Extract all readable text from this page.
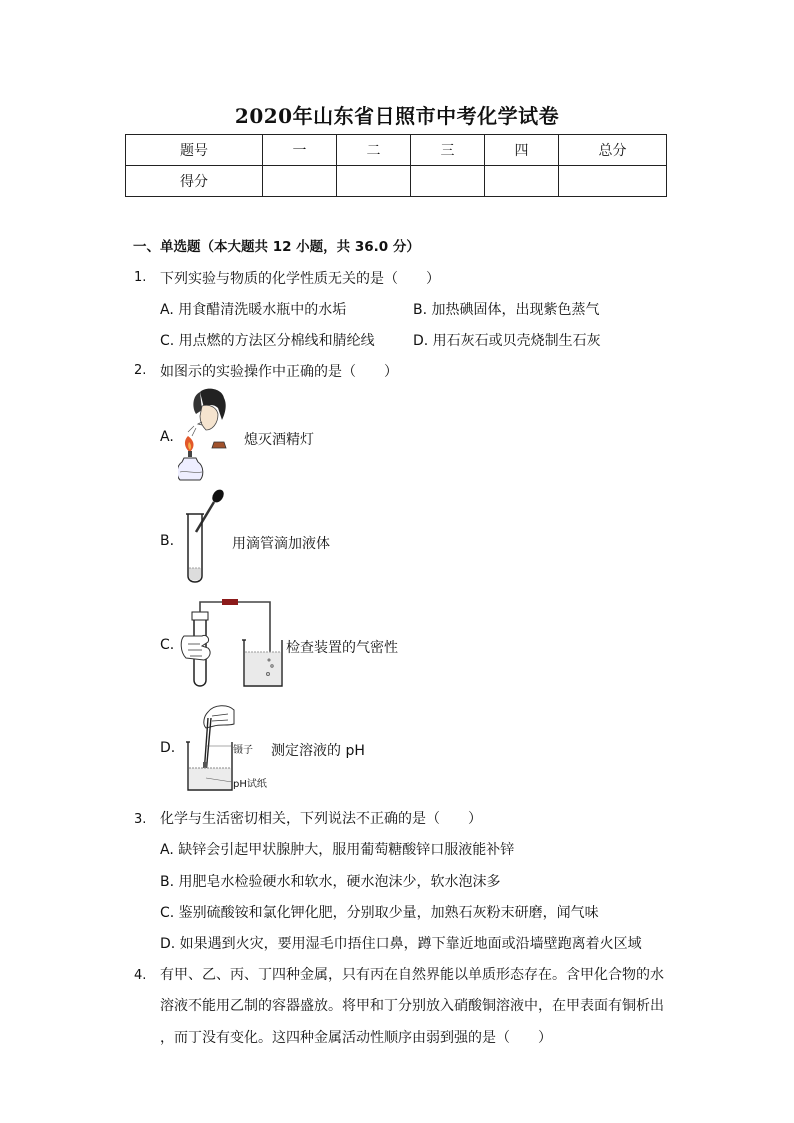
2020年山东省日照市中考化学试卷
题号	一	二	三	四	总分
得分					
一、单选题（本大题共 12 小题，共 36.0 分）
1. 下列实验与物质的化学性质无关的是（　　）
A. 用食醋清洗暖水瓶中的水垢	B. 加热碘固体，出现紫色蒸气
C. 用点燃的方法区分棉线和腈纶线	D. 用石灰石或贝壳烧制生石灰
2. 如图示的实验操作中正确的是（　　）
A.	熄灭酒精灯
B.	用滴管滴加液体
C.	检查装置的气密性
D.	镊子
pH试纸
测定溶液的 pH
3. 化学与生活密切相关，下列说法不正确的是（　　）
A. 缺锌会引起甲状腺肿大，服用葡萄糖酸锌口服液能补锌
B. 用肥皂水检验硬水和软水，硬水泡沫少，软水泡沫多
C. 鉴别硫酸铵和氯化钾化肥，分别取少量，加熟石灰粉末研磨，闻气味
D. 如果遇到火灾，要用湿毛巾捂住口鼻，蹲下靠近地面或沿墙壁跑离着火区域
4. 有甲、乙、丙、丁四种金属，只有丙在自然界能以单质形态存在。含甲化合物的水
溶液不能用乙制的容器盛放。将甲和丁分别放入硝酸铜溶液中，在甲表面有铜析出
，而丁没有变化。这四种金属活动性顺序由弱到强的是（　　）
